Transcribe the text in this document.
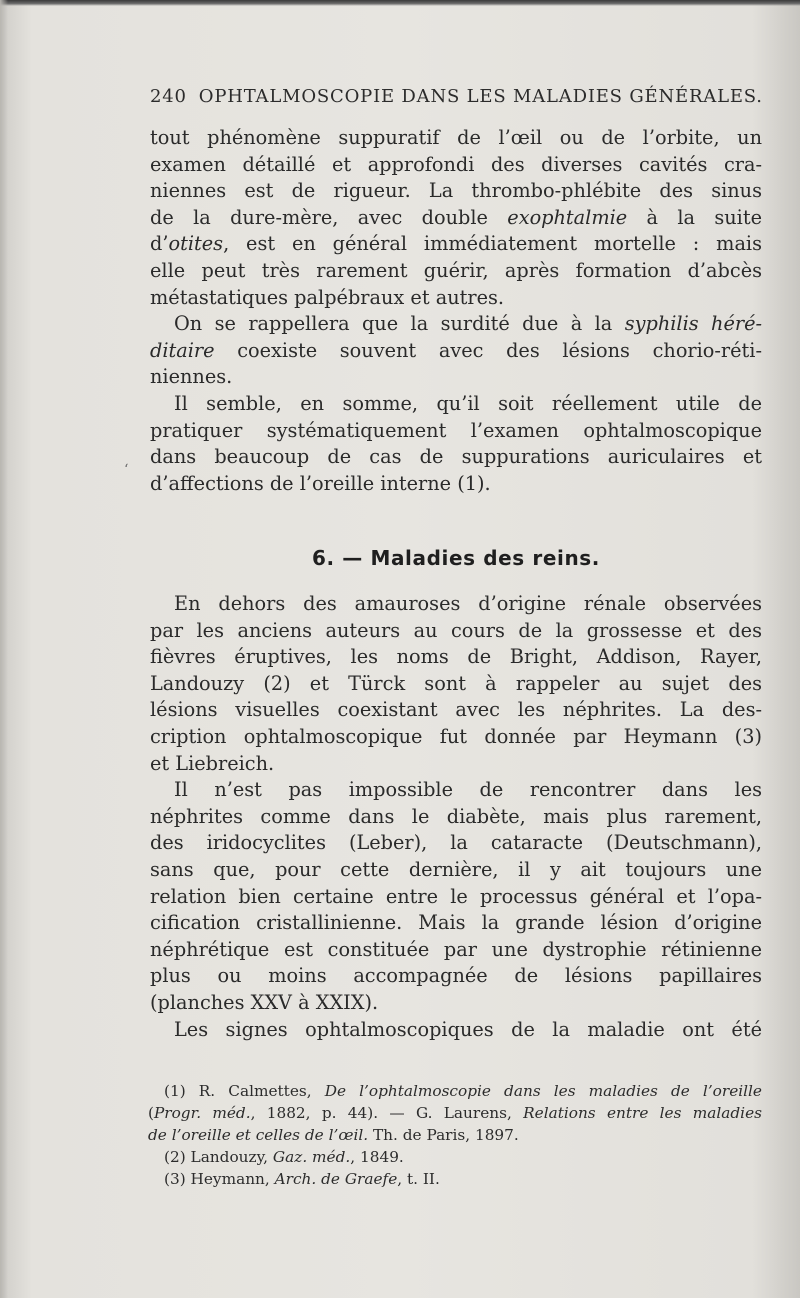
240 OPHTALMOSCOPIE DANS LES MALADIES GÉNÉRALES.
tout phénomène suppuratif de l’œil ou de l’orbite, un
examen détaillé et approfondi des diverses cavités cra-
niennes est de rigueur. La thrombo-phlébite des sinus
de la dure-mère, avec double exophtalmie à la suite
d’otites, est en général immédiatement mortelle : mais
elle peut très rarement guérir, après formation d’abcès
métastatiques palpébraux et autres.
On se rappellera que la surdité due à la syphilis héré-
ditaire coexiste souvent avec des lésions chorio-réti-
niennes.
Il semble, en somme, qu’il soit réellement utile de
pratiquer systématiquement l’examen ophtalmoscopique
dans beaucoup de cas de suppurations auriculaires et
d’affections de l’oreille interne (1).
ʻ
6. — Maladies des reins.
En dehors des amauroses d’origine rénale observées
par les anciens auteurs au cours de la grossesse et des
fièvres éruptives, les noms de Bright, Addison, Rayer,
Landouzy (2) et Türck sont à rappeler au sujet des
lésions visuelles coexistant avec les néphrites. La des-
cription ophtalmoscopique fut donnée par Heymann (3)
et Liebreich.
Il n’est pas impossible de rencontrer dans les
néphrites comme dans le diabète, mais plus rarement,
des iridocyclites (Leber), la cataracte (Deutschmann),
sans que, pour cette dernière, il y ait toujours une
relation bien certaine entre le processus général et l’opa-
cification cristallinienne. Mais la grande lésion d’origine
néphrétique est constituée par une dystrophie rétinienne
plus ou moins accompagnée de lésions papillaires
(planches XXV à XXIX).
Les signes ophtalmoscopiques de la maladie ont été
(1) R. Calmettes, De l’ophtalmoscopie dans les maladies de l’oreille
(Progr. méd., 1882, p. 44). — G. Laurens, Relations entre les maladies
de l’oreille et celles de l’œil. Th. de Paris, 1897.
(2) Landouzy, Gaz. méd., 1849.
(3) Heymann, Arch. de Graefe, t. II.
